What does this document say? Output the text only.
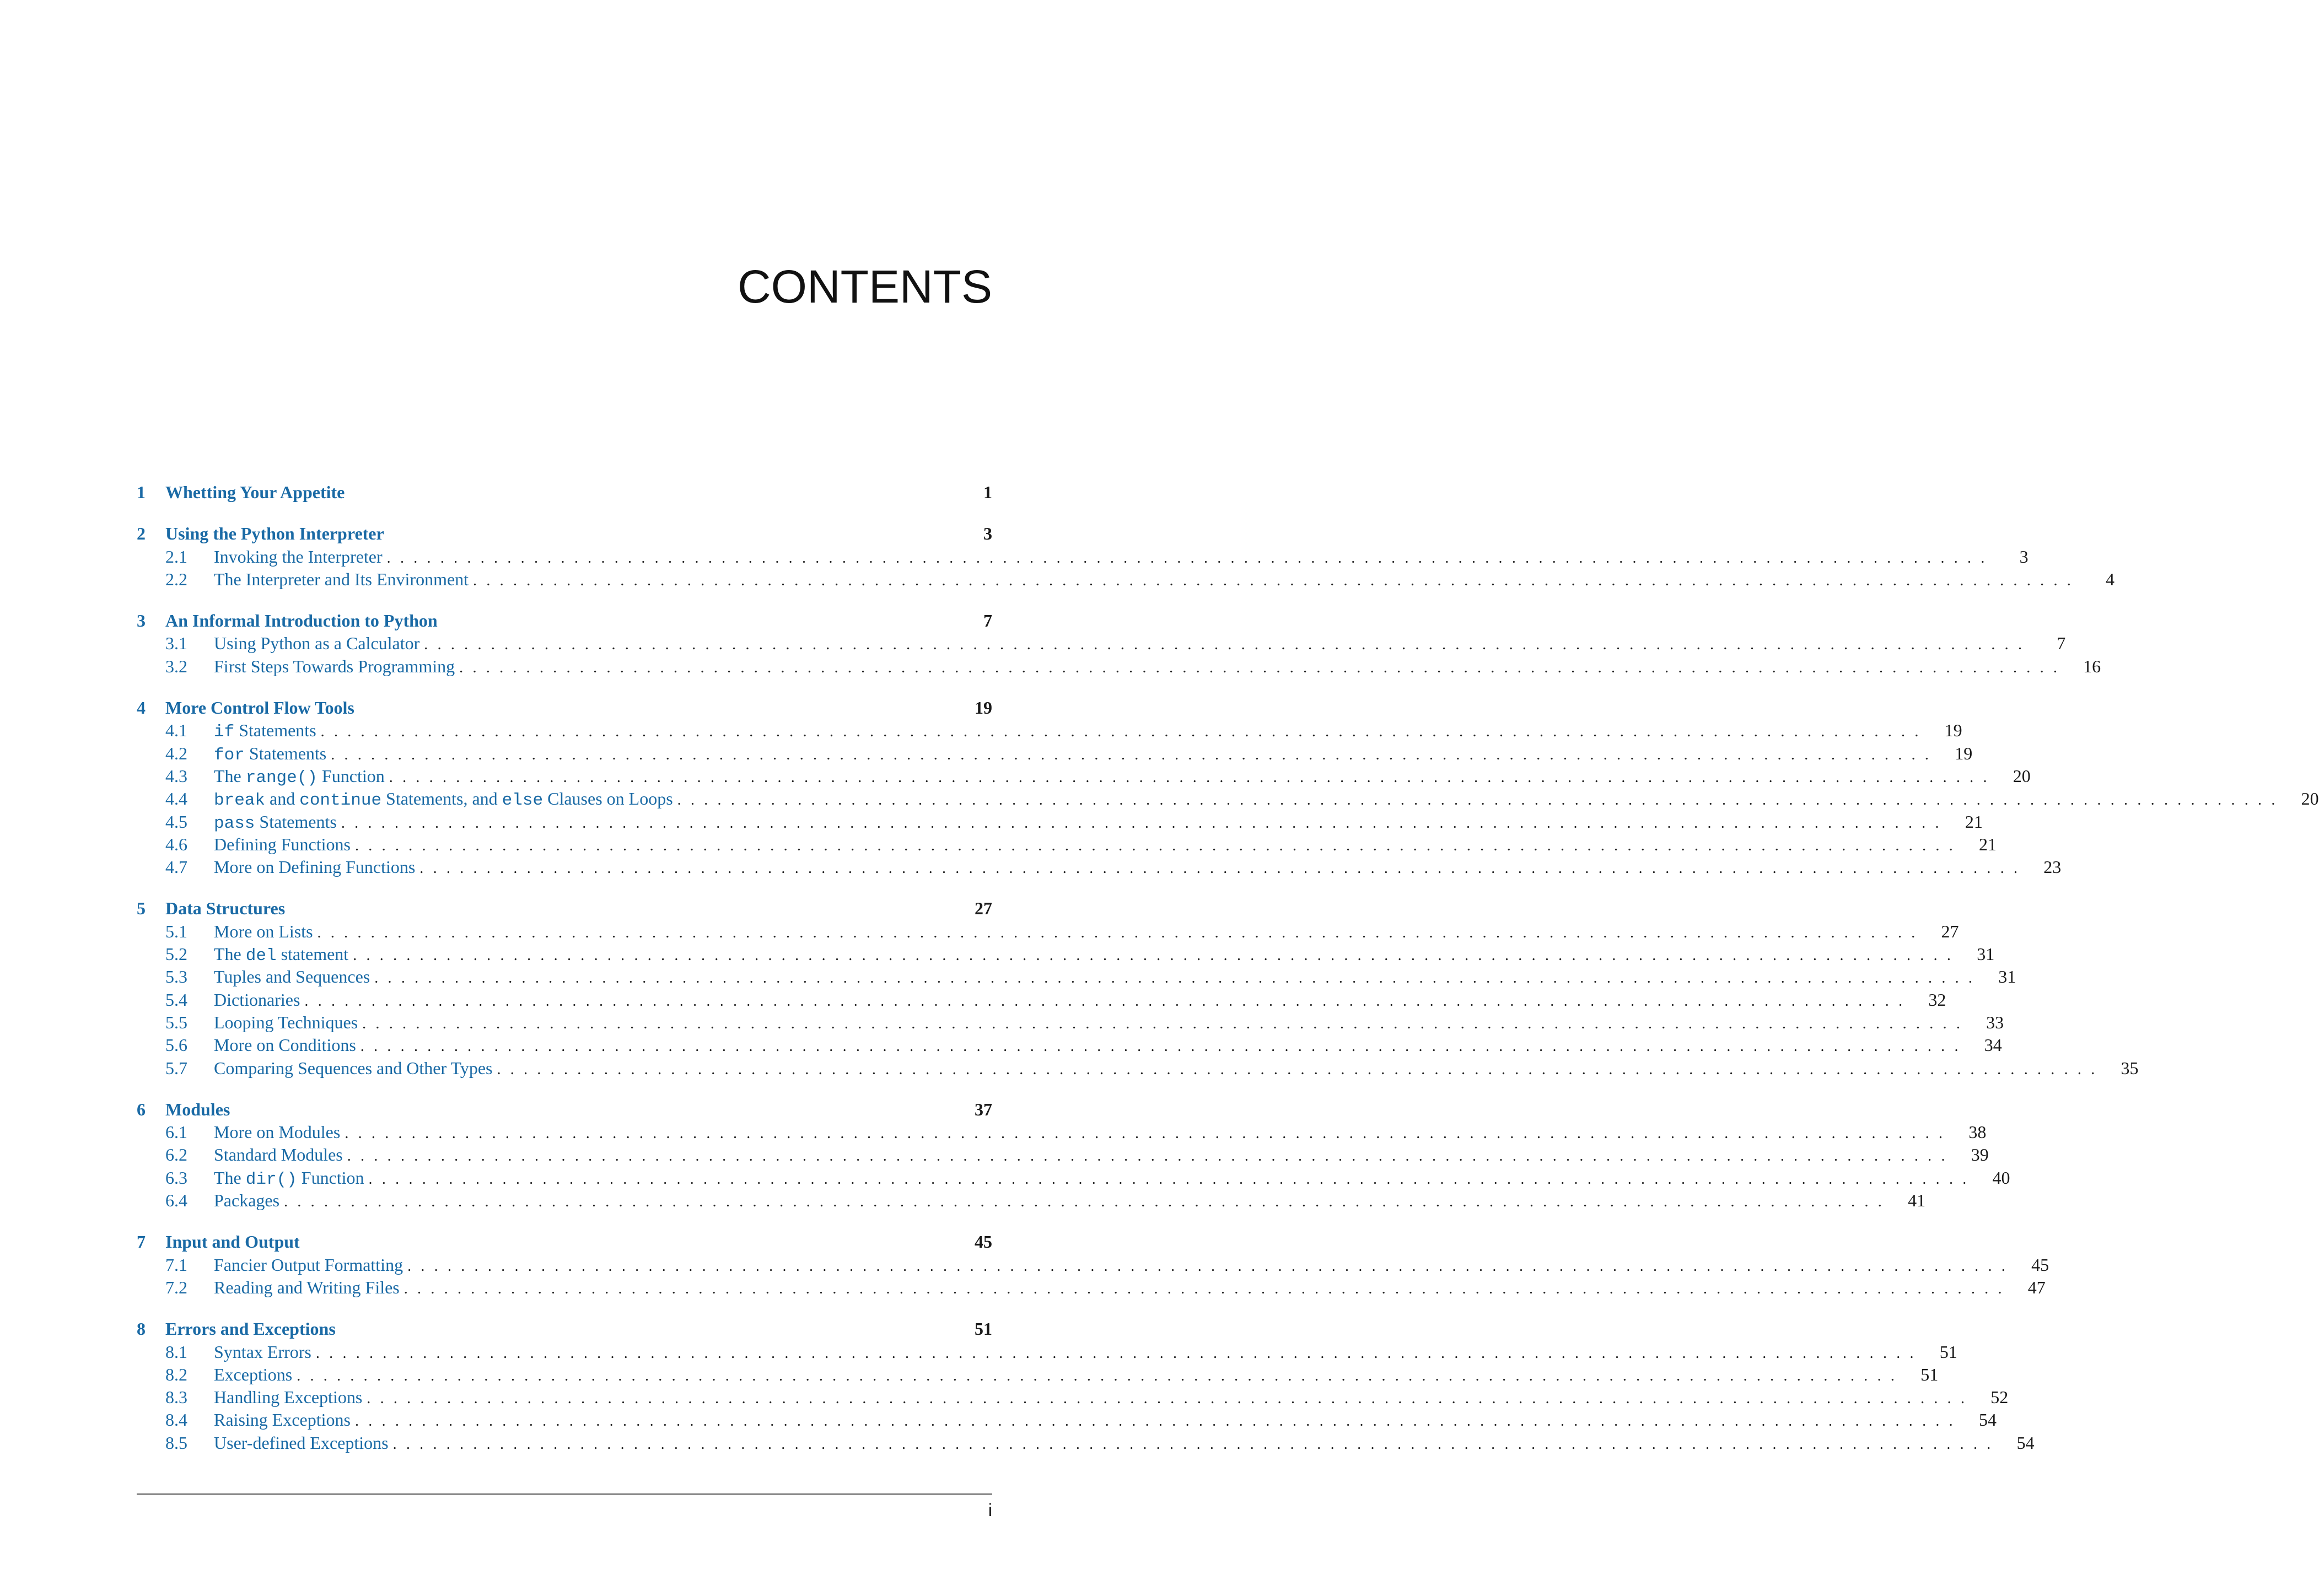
CONTENTS
1	Whetting Your Appetite	1
2	Using the Python Interpreter	3
2.1	Invoking the Interpreter ........................................................................................................................	3
2.2	The Interpreter and Its Environment ........................................................................................................................	4
3	An Informal Introduction to Python	7
3.1	Using Python as a Calculator ........................................................................................................................	7
3.2	First Steps Towards Programming ........................................................................................................................ 16
4	More Control Flow Tools	19
4.1	if Statements ........................................................................................................................ 19
4.2	for Statements ........................................................................................................................ 19
4.3	The range() Function ........................................................................................................................ 20
4.4	break and continue Statements, and else Clauses on Loops ........................................................................................................................ 20
4.5	pass Statements ........................................................................................................................ 21
4.6	Defining Functions ........................................................................................................................ 21
4.7	More on Defining Functions ........................................................................................................................ 23
5	Data Structures	27
5.1	More on Lists ........................................................................................................................ 27
5.2	The del statement ........................................................................................................................ 31
5.3	Tuples and Sequences ........................................................................................................................ 31
5.4	Dictionaries ........................................................................................................................ 32
5.5	Looping Techniques ........................................................................................................................ 33
5.6	More on Conditions ........................................................................................................................ 34
5.7	Comparing Sequences and Other Types ........................................................................................................................ 35
6	Modules	37
6.1	More on Modules ........................................................................................................................ 38
6.2	Standard Modules ........................................................................................................................ 39
6.3	The dir() Function ........................................................................................................................ 40
6.4	Packages ........................................................................................................................ 41
7	Input and Output	45
7.1	Fancier Output Formatting ........................................................................................................................ 45
7.2	Reading and Writing Files ........................................................................................................................ 47
8	Errors and Exceptions	51
8.1	Syntax Errors ........................................................................................................................ 51
8.2	Exceptions ........................................................................................................................ 51
8.3	Handling Exceptions ........................................................................................................................ 52
8.4	Raising Exceptions ........................................................................................................................ 54
8.5	User-defined Exceptions ........................................................................................................................ 54
i
